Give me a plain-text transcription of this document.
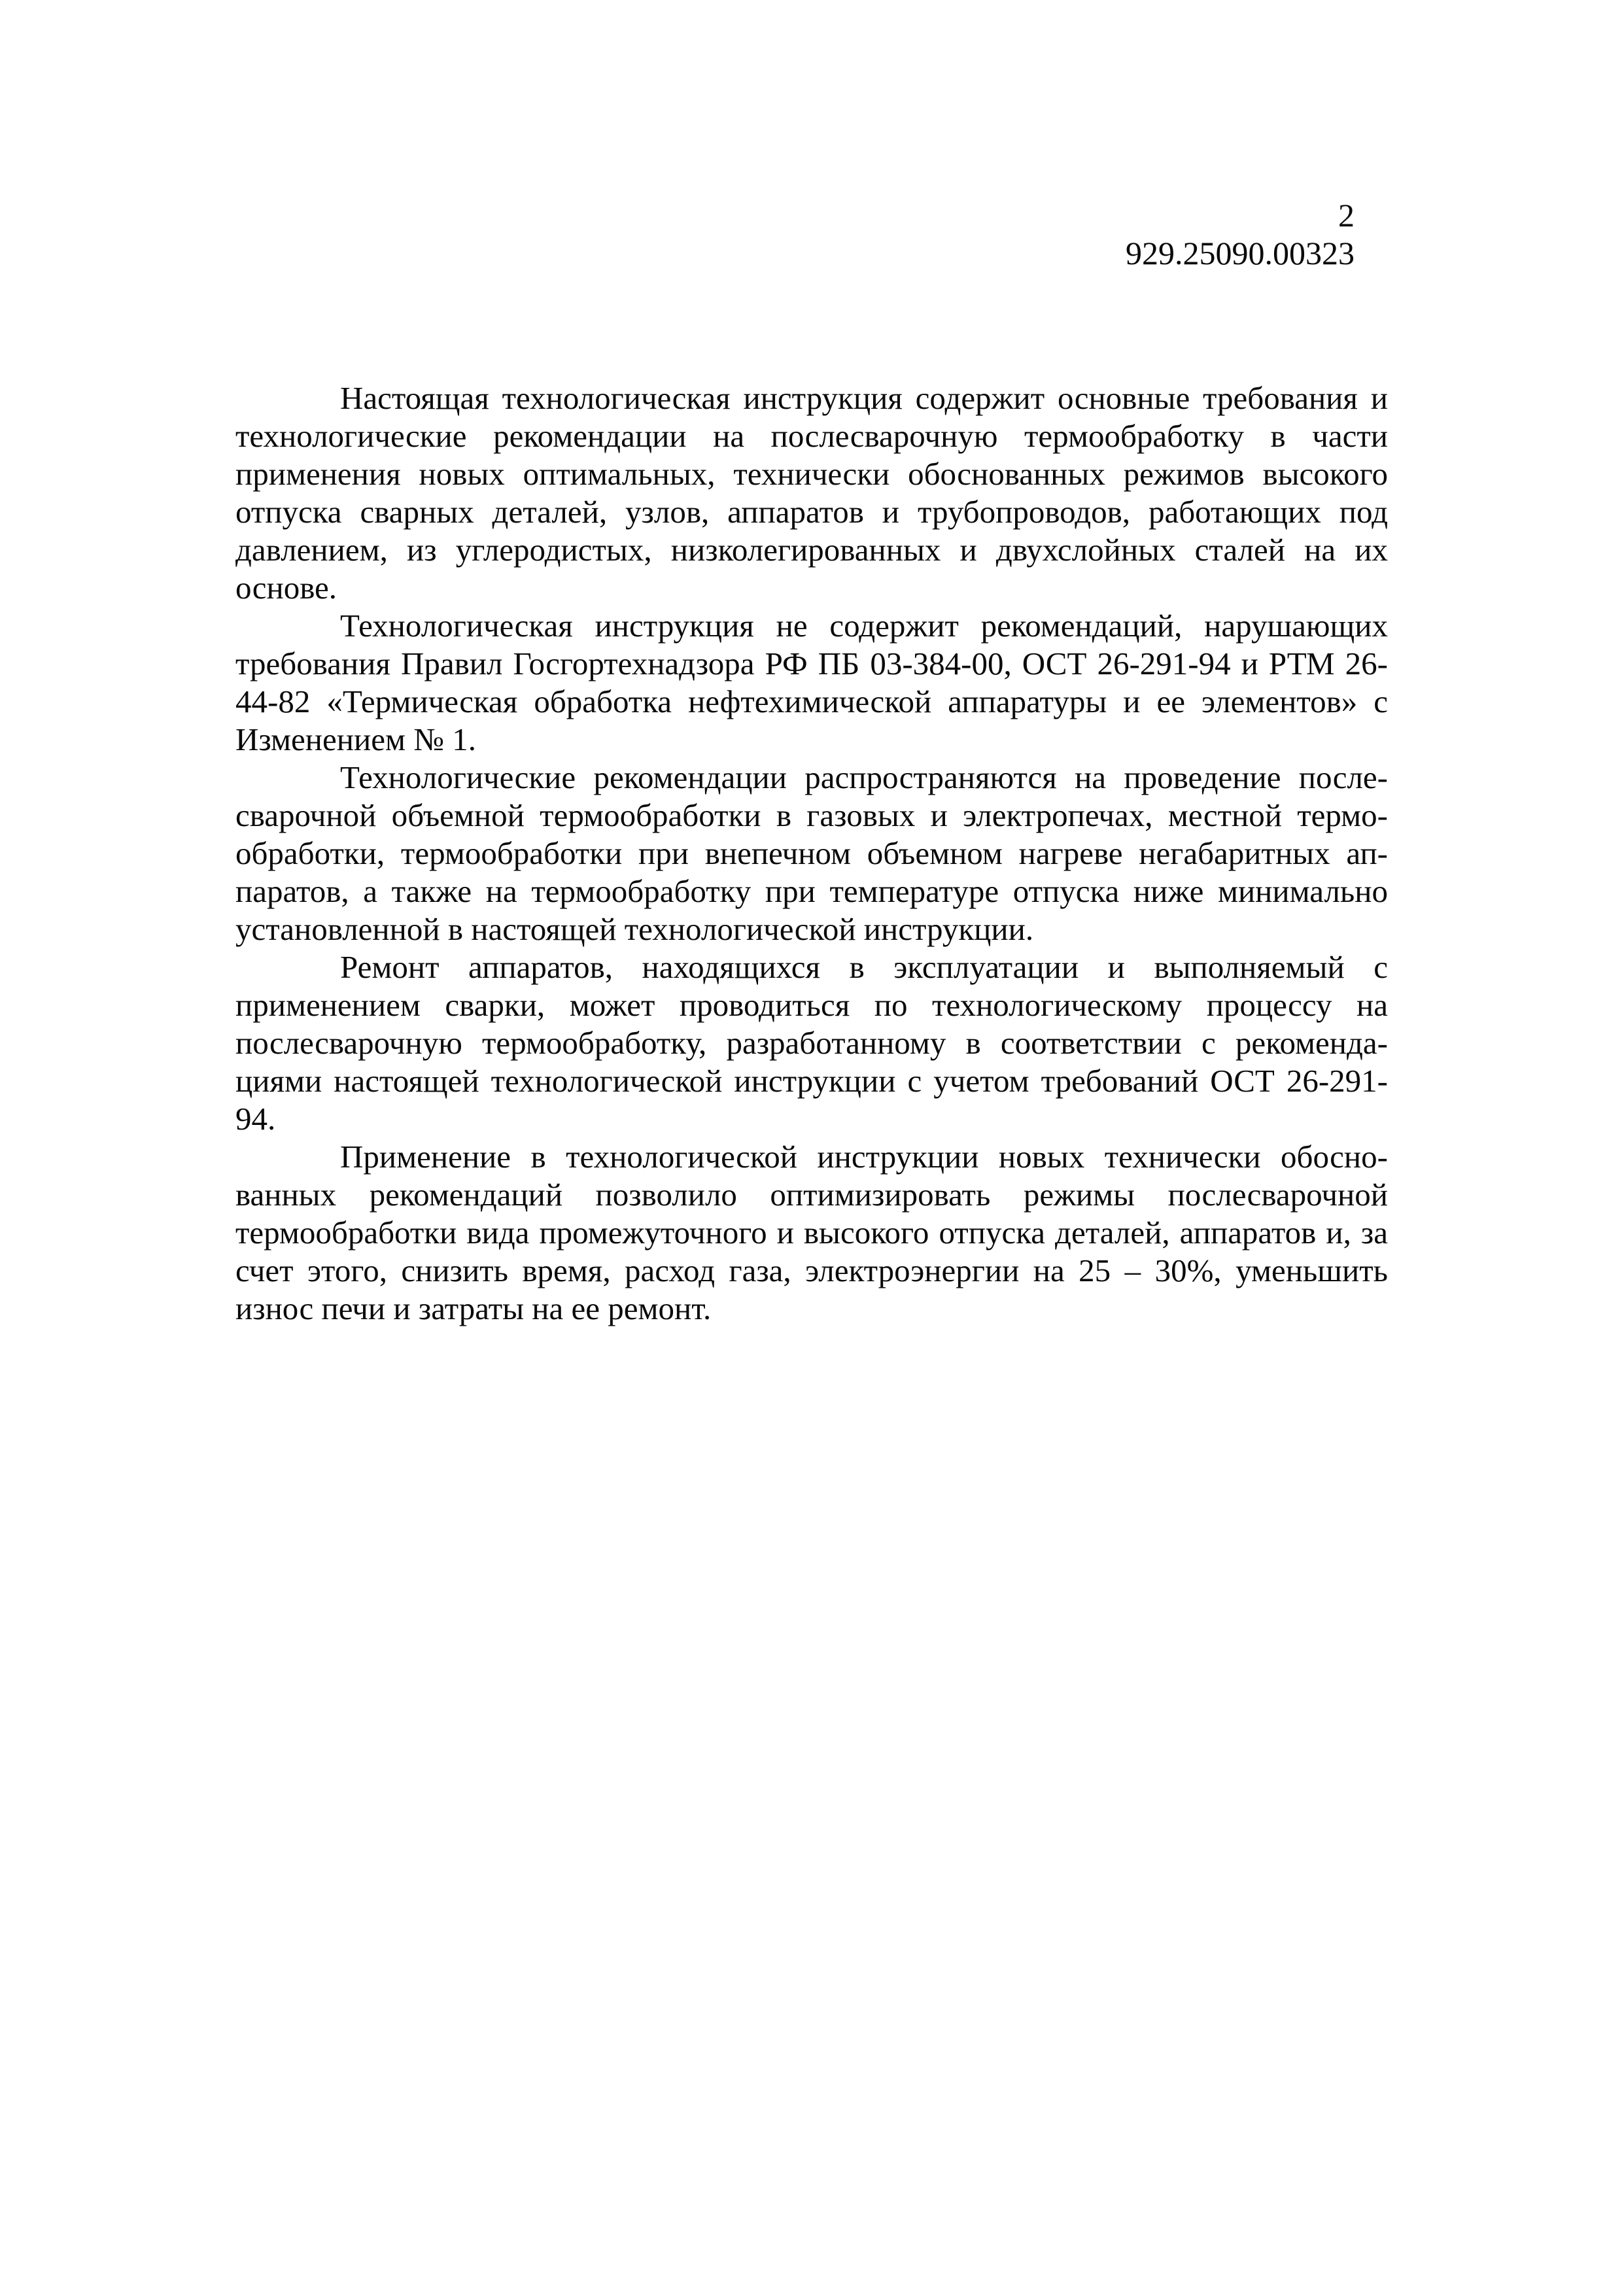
2
929.25090.00323

Настоящая технологическая инструкция содержит основные требования и технологические рекомендации на послесварочную термообработку в части применения новых оптимальных, технически обоснованных режимов высокого отпуска сварных деталей, узлов, аппаратов и трубопроводов, работающих под давлением, из углеродистых, низколегированных и двухслойных сталей на их основе.

Технологическая инструкция не содержит рекомендаций, нарушающих требования Правил Госгортехнадзора РФ ПБ 03-384-00, ОСТ 26-291-94 и РТМ 26-44-82 «Термическая обработка нефтехимической аппаратуры и ее элементов» с Изменением № 1.

Технологические рекомендации распространяются на проведение послесварочной объемной термообработки в газовых и электропечах, местной термообработки, термообработки при внепечном объемном нагреве негабаритных аппаратов, а также на термообработку при температуре отпуска ниже минимально установленной в настоящей технологической инструкции.

Ремонт аппаратов, находящихся в эксплуатации и выполняемый с применением сварки, может проводиться по технологическому процессу на послесварочную термообработку, разработанному в соответствии с рекомендациями настоящей технологической инструкции с учетом требований ОСТ 26-291-94.

Применение в технологической инструкции новых технически обоснованных рекомендаций позволило оптимизировать режимы послесварочной термообработки вида промежуточного и высокого отпуска деталей, аппаратов и, за счет этого, снизить время, расход газа, электроэнергии на 25 – 30%, уменьшить износ печи и затраты на ее ремонт.
